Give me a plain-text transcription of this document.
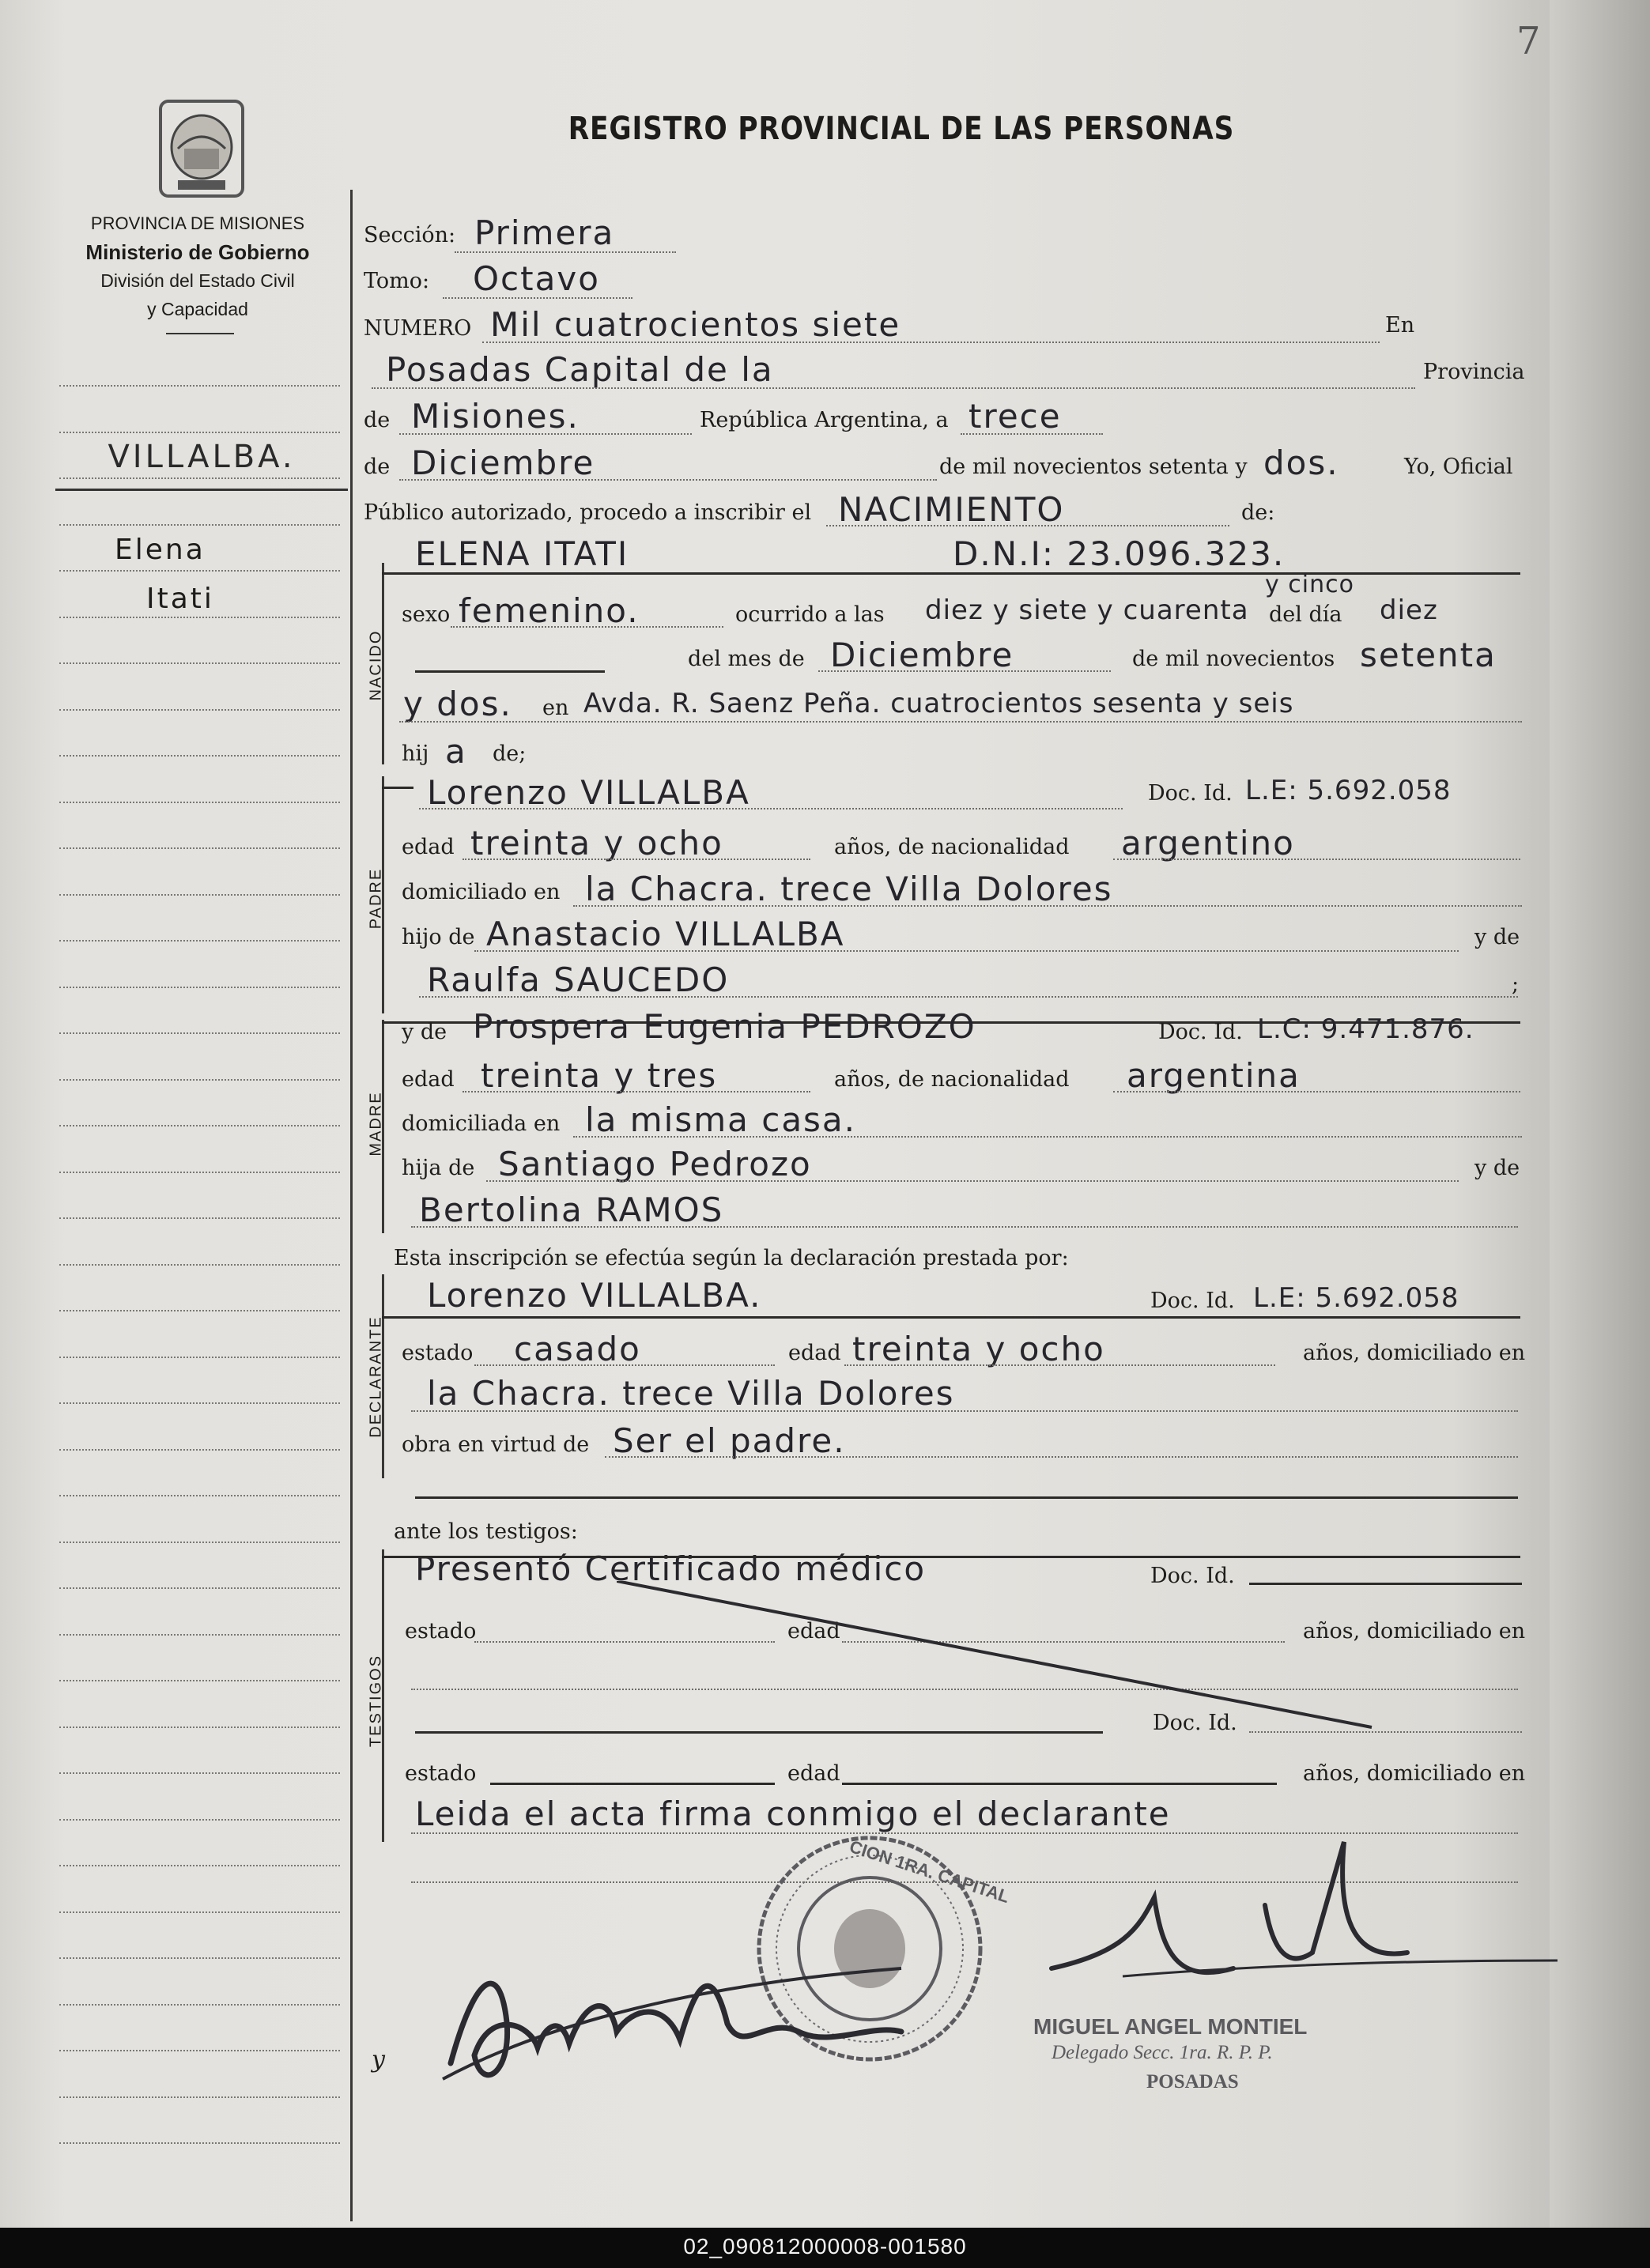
7
REGISTRO PROVINCIAL DE LAS PERSONAS
PROVINCIA DE MISIONES
Ministerio de Gobierno
División del Estado Civil
y Capacidad
VILLALBA.
Elena
Itati
Sección: Primera
Tomo: Octavo
NUMERO Mil cuatrocientos siete	En
Posadas Capital de la	Provincia
de Misiones.	República Argentina, a trece
de Diciembre	de mil novecientos setenta y dos.	Yo, Oficial
Público autorizado, procedo a inscribir el NACIMIENTO	de:
NACIDO
ELENA ITATI	D.N.I: 23.096.323.
sexo femenino.	ocurrido a las diez y siete y cuarenta
y cinco
del día diez
del mes de Diciembre	de mil novecientos setenta
y dos. en Avda. R. Saenz Peña. cuatrocientos sesenta y seis
hij a de;
PADRE
Lorenzo VILLALBA	Doc. Id. L.E: 5.692.058
edad treinta y ocho	años, de nacionalidad argentino
domiciliado en la Chacra. trece Villa Dolores
hijo de Anastacio VILLALBA	y de
Raulfa SAUCEDO	;
MADRE
y de Prospera Eugenia PEDROZO	Doc. Id. L.C: 9.471.876.
edad treinta y tres	años, de nacionalidad argentina
domiciliada en la misma casa.
hija de Santiago Pedrozo	y de
Bertolina RAMOS
Esta inscripción se efectúa según la declaración prestada por:
DECLARANTE
Lorenzo VILLALBA.	Doc. Id. L.E: 5.692.058
estado casado	edad treinta y ocho	años, domiciliado en
la Chacra. trece Villa Dolores
obra en virtud de Ser el padre.
ante los testigos:
TESTIGOS
Presentó Certificado médico	Doc. Id.
estado	edad	años, domiciliado en
Doc. Id.
estado	edad	años, domiciliado en
Leida el acta firma conmigo el declarante
y
CION 1RA. CAPITAL
MIGUEL ANGEL MONTIEL
Delegado Secc. 1ra. R. P. P.
POSADAS
02_090812000008-001580
